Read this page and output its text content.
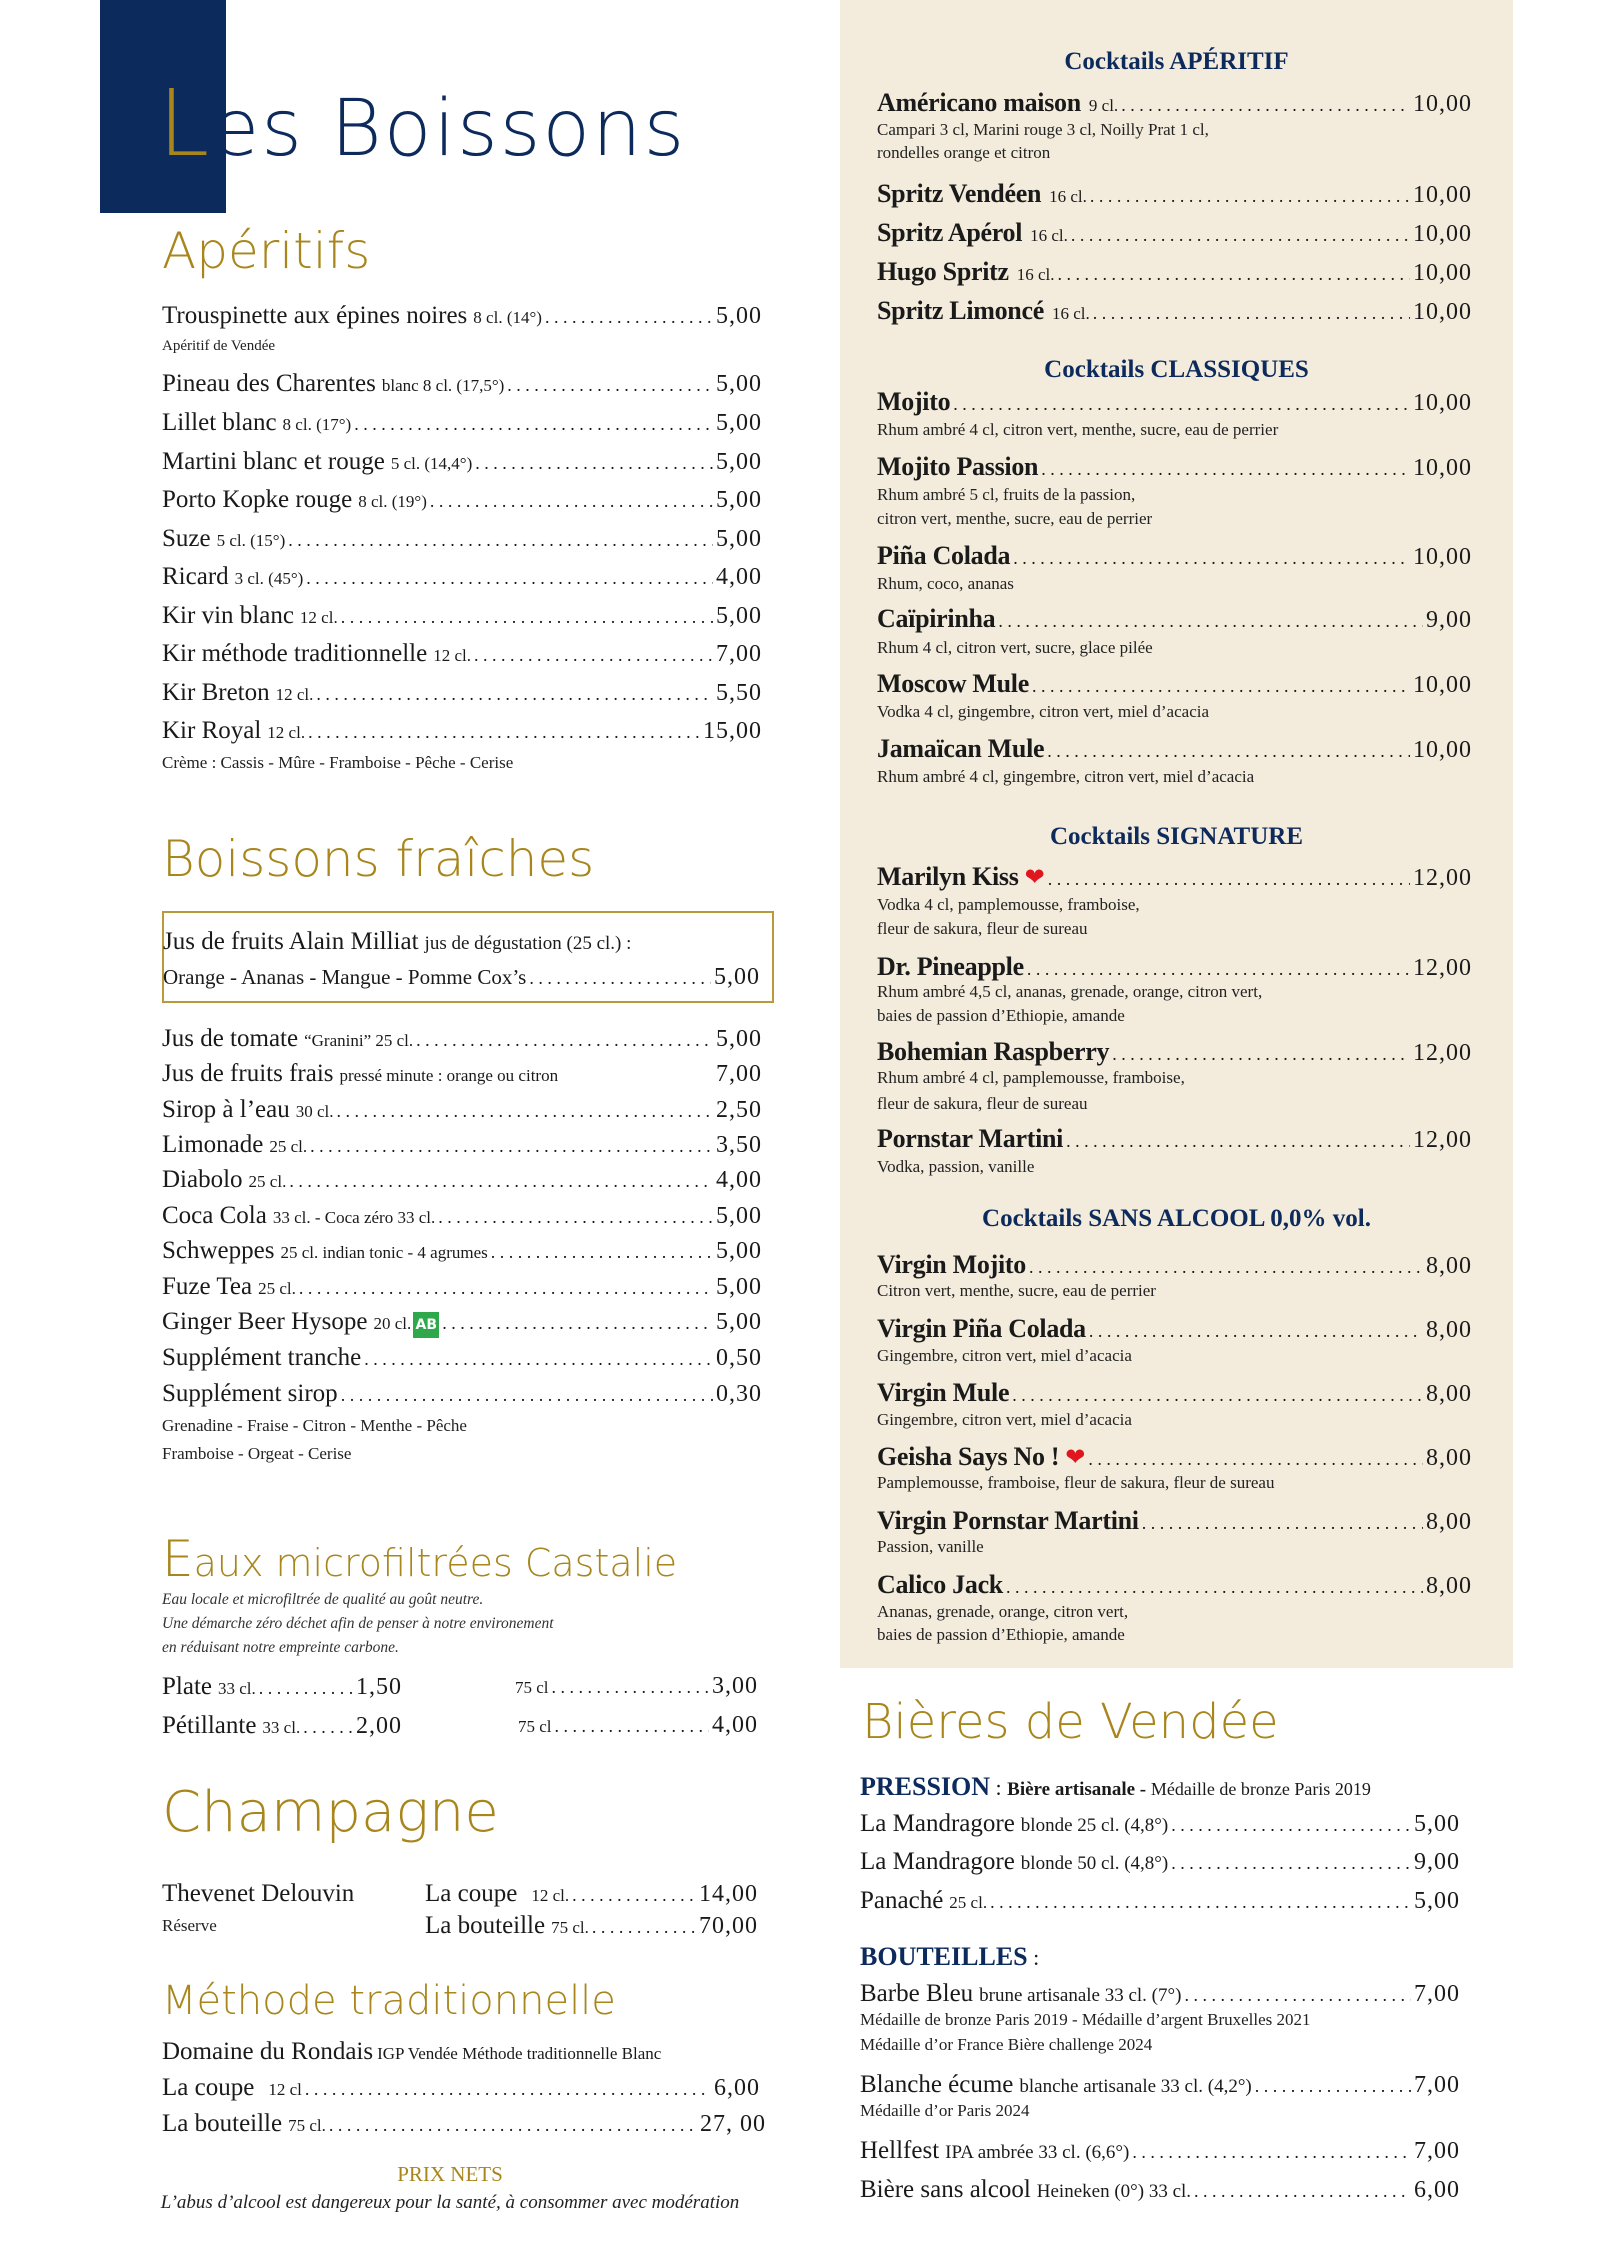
Les Boissons
Apéritifs
Trouspinette aux épines noires 8 cl. (14°) . . .	5,00
Apéritif de Vendée
Pineau des Charentes blanc 8 cl. (17,5°) . . .	5,00
Lillet blanc 8 cl. (17°) . . .	5,00
Martini blanc et rouge 5 cl. (14,4°) . . .	5,00
Porto Kopke rouge 8 cl. (19°) . . .	5,00
Suze 5 cl. (15°) . . .	5,00
Ricard 3 cl. (45°) . . .	4,00
Kir vin blanc 12 cl. . . .	5,00
Kir méthode traditionnelle 12 cl. . . .	7,00
Kir Breton 12 cl. . . .	5,50
Kir Royal 12 cl. . . .	15,00
Crème : Cassis - Mûre - Framboise - Pêche - Cerise
Boissons fraîches
Jus de fruits Alain Milliat jus de dégustation (25 cl.) :
Orange - Ananas - Mangue - Pomme Cox’s . . .	5,00
Jus de tomate “Granini” 25 cl. . . .	5,00
Jus de fruits frais pressé minute : orange ou citron	7,00
Sirop à l’eau 30 cl. . . .	2,50
Limonade 25 cl. . . .	3,50
Diabolo 25 cl. . . .	4,00
Coca Cola 33 cl. - Coca zéro 33 cl. . . .	5,00
Schweppes 25 cl. indian tonic - 4 agrumes . . .	5,00
Fuze Tea 25 cl. . . .	5,00
Ginger Beer Hysope 20 cl. AB . . .	5,00
Supplément tranche . . .	0,50
Supplément sirop . . .	0,30
Grenadine - Fraise - Citron - Menthe - Pêche
Framboise - Orgeat - Cerise
Eaux microfiltrées Castalie
Eau locale et microfiltrée de qualité au goût neutre.
Une démarche zéro déchet afin de penser à notre environement
en réduisant notre empreinte carbone.
Plate 33 cl. . . .	1,50	75 cl . . .	3,00
Pétillante 33 cl. . . . 2,00	75 cl . . .	4,00
Champagne
Thevenet Delouvin
Réserve
La coupe 12 cl. . . .	14,00
La bouteille 75 cl. . . .	70,00
Méthode traditionnelle
Domaine du Rondais IGP Vendée Méthode traditionnelle Blanc
La coupe 12 cl . . .	6,00
La bouteille 75 cl. . . .	27, 00
PRIX NETS
L’abus d’alcool est dangereux pour la santé, à consommer avec modération
Cocktails APÉRITIF
Américano maison 9 cl. . . .	10,00
Campari 3 cl, Marini rouge 3 cl, Noilly Prat 1 cl,
rondelles orange et citron
Spritz Vendéen 16 cl. . . .	10,00
Spritz Apérol 16 cl. . . .	10,00
Hugo Spritz 16 cl. . . .	10,00
Spritz Limoncé 16 cl. . . .	10,00
Cocktails CLASSIQUES
Mojito . . .	10,00
Rhum ambré 4 cl, citron vert, menthe, sucre, eau de perrier
Mojito Passion . . .	10,00
Rhum ambré 5 cl, fruits de la passion,
citron vert, menthe, sucre, eau de perrier
Piña Colada . . .	10,00
Rhum, coco, ananas
Caïpirinha . . .	9,00
Rhum 4 cl, citron vert, sucre, glace pilée
Moscow Mule . . .	10,00
Vodka 4 cl, gingembre, citron vert, miel d’acacia
Jamaïcan Mule . . .	10,00
Rhum ambré 4 cl, gingembre, citron vert, miel d’acacia
Cocktails SIGNATURE
Marilyn Kiss ❤ . . .	12,00
Vodka 4 cl, pamplemousse, framboise,
fleur de sakura, fleur de sureau
Dr. Pineapple . . .	12,00
Rhum ambré 4,5 cl, ananas, grenade, orange, citron vert,
baies de passion d’Ethiopie, amande
Bohemian Raspberry . . .	12,00
Rhum ambré 4 cl, pamplemousse, framboise,
fleur de sakura, fleur de sureau
Pornstar Martini . . .	12,00
Vodka, passion, vanille
Cocktails SANS ALCOOL 0,0% vol.
Virgin Mojito . . .	8,00
Citron vert, menthe, sucre, eau de perrier
Virgin Piña Colada . . .	8,00
Gingembre, citron vert, miel d’acacia
Virgin Mule . . .	8,00
Gingembre, citron vert, miel d’acacia
Geisha Says No ! ❤ . . .	8,00
Pamplemousse, framboise, fleur de sakura, fleur de sureau
Virgin Pornstar Martini . . .	8,00
Passion, vanille
Calico Jack . . .	8,00
Ananas, grenade, orange, citron vert,
baies de passion d’Ethiopie, amande
Bières de Vendée
PRESSION : Bière artisanale - Médaille de bronze Paris 2019
La Mandragore blonde 25 cl. (4,8°) . . .	5,00
La Mandragore blonde 50 cl. (4,8°) . . .	9,00
Panaché 25 cl. . . .	5,00
BOUTEILLES :
Barbe Bleu brune artisanale 33 cl. (7°) . . .	7,00
Médaille de bronze Paris 2019 - Médaille d’argent Bruxelles 2021
Médaille d’or France Bière challenge 2024
Blanche écume blanche artisanale 33 cl. (4,2°) . . .	7,00
Médaille d’or Paris 2024
Hellfest IPA ambrée 33 cl. (6,6°) . . .	7,00
Bière sans alcool Heineken (0°) 33 cl. . . .	6,00
